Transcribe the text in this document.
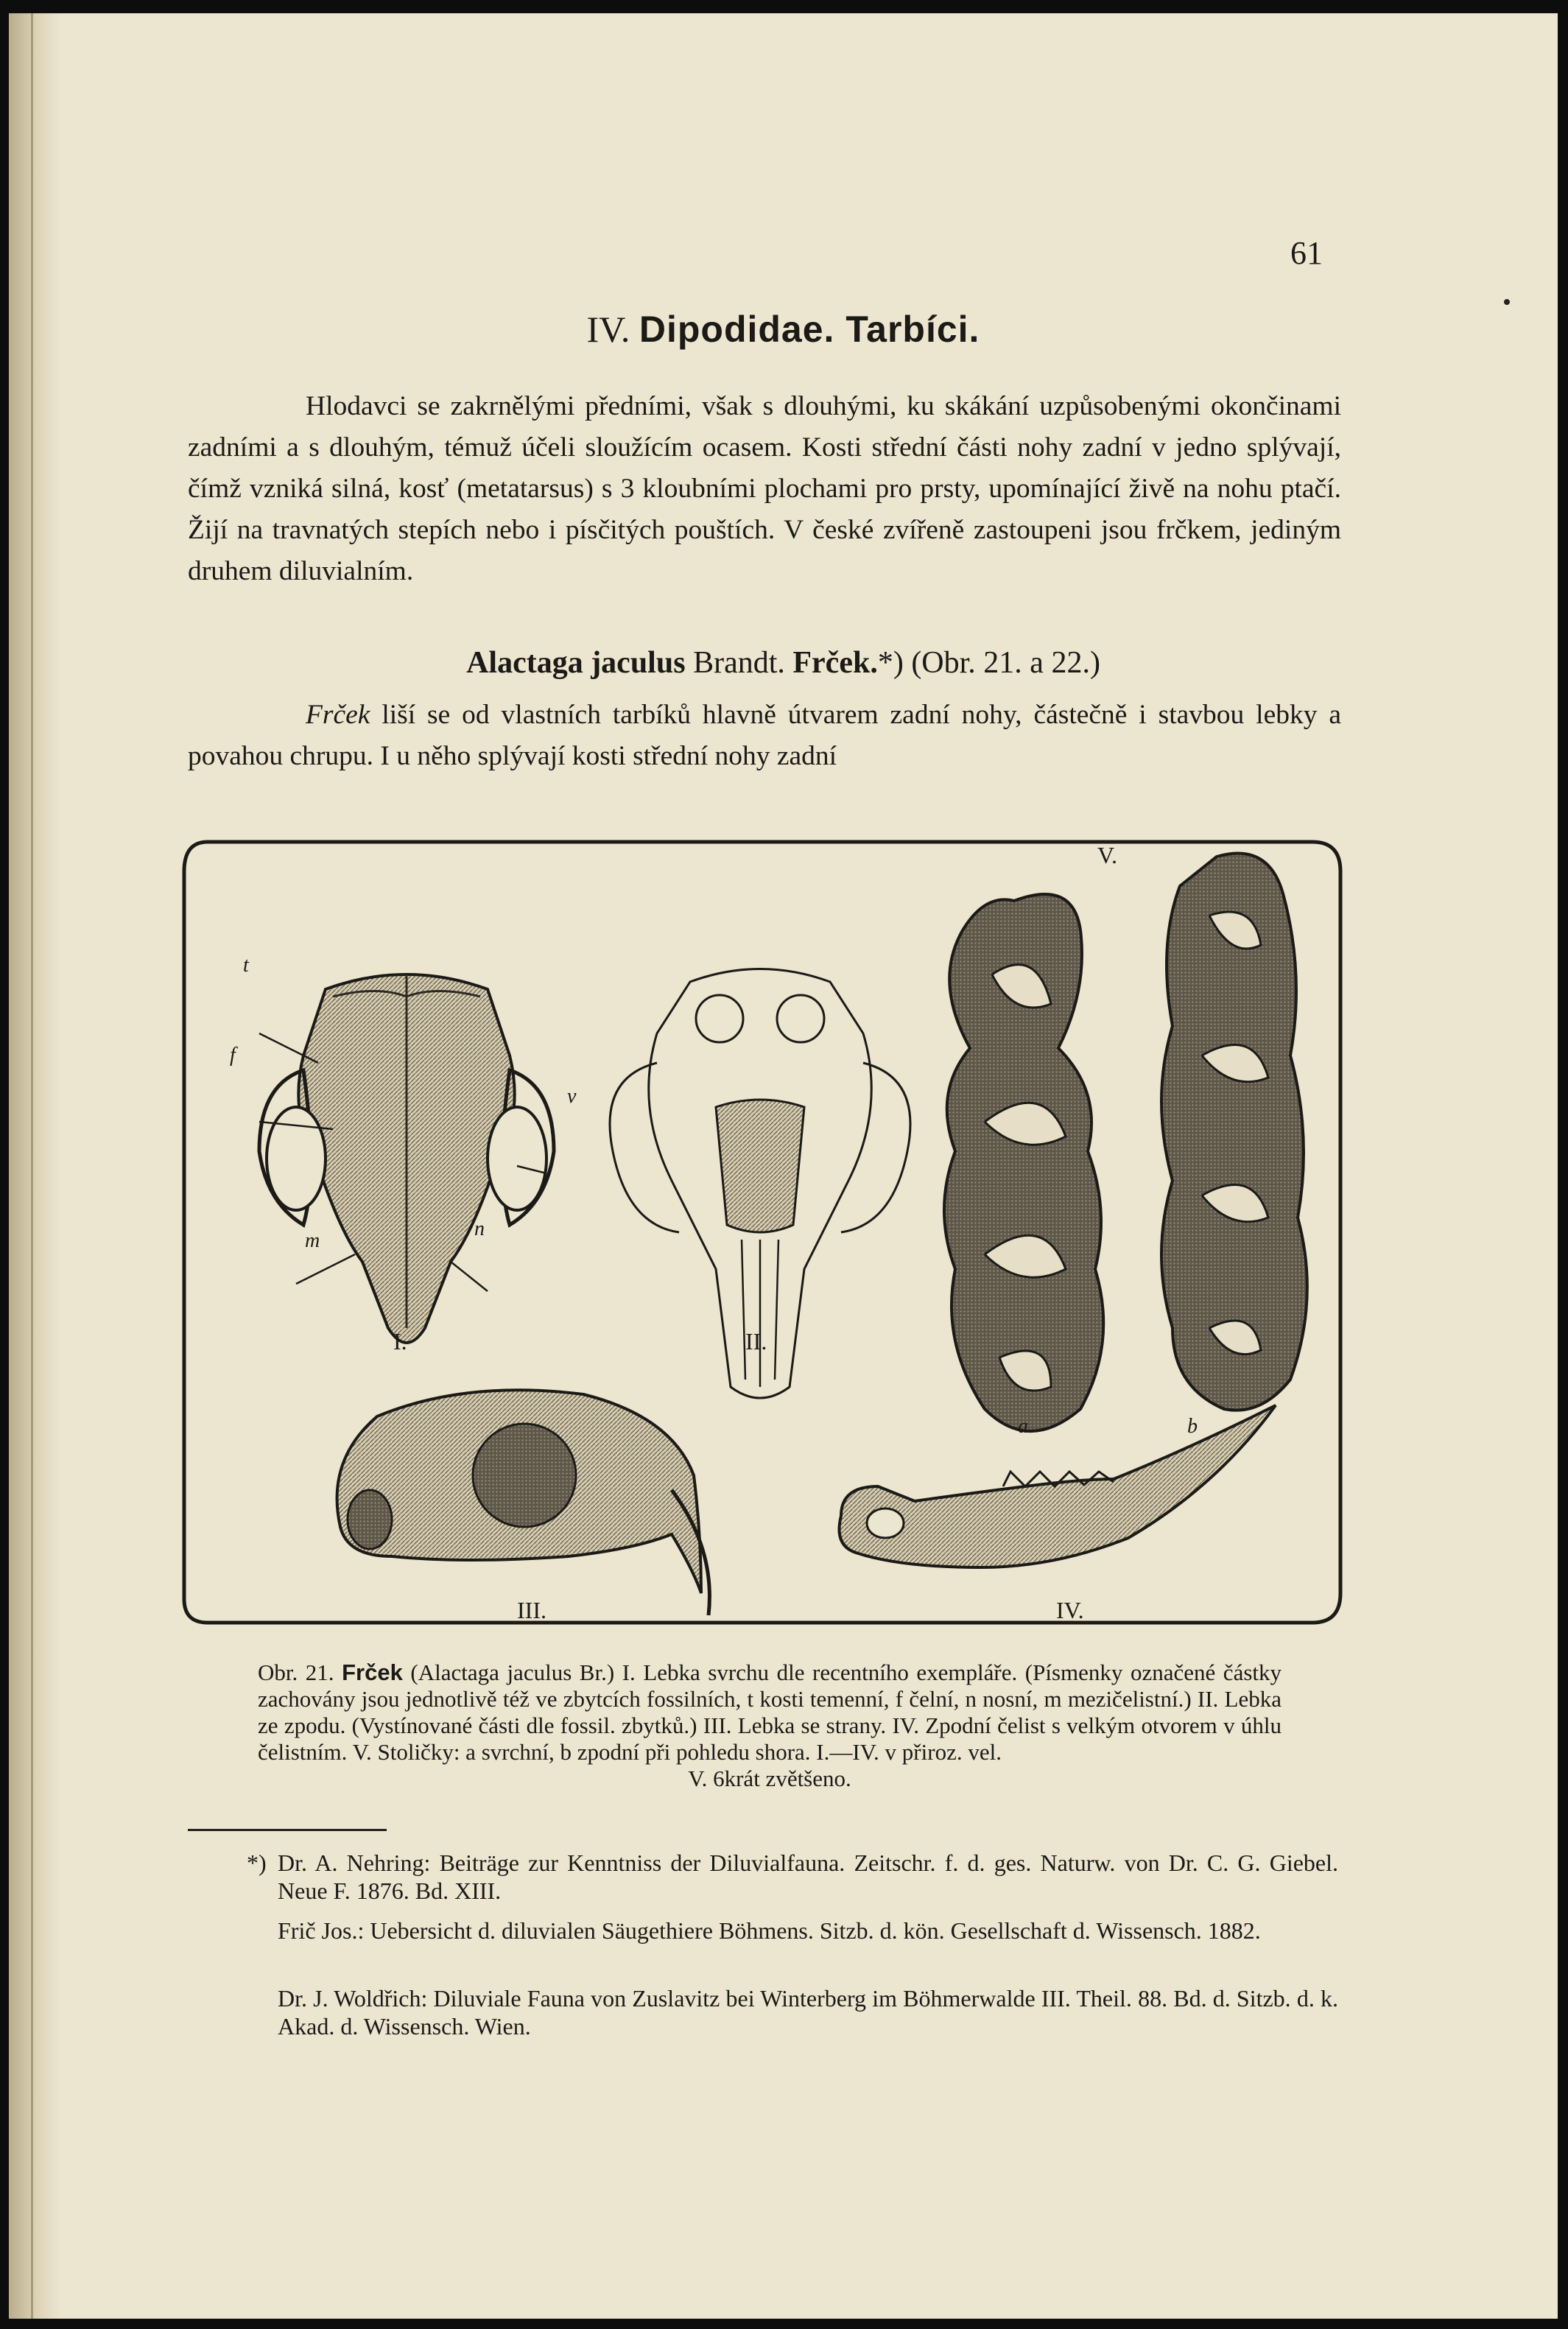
61
IV. Dipodidae. Tarbíci.

Hlodavci se zakrnělými předními, však s dlouhými, ku skákání uzpůsobenými okončinami zadními a s dlouhým, témuž účeli sloužícím ocasem. Kosti střední části nohy zadní v jedno splývají, čímž vzniká silná, kosť (metatarsus) s 3 kloubními plochami pro prsty, upomínající živě na nohu ptačí. Žijí na travnatých stepích nebo i písčitých pouštích. V české zvířeně zastoupeni jsou frčkem, jediným druhem diluvialním.

Alactaga jaculus Brandt. Frček.*) (Obr. 21. a 22.)

Frček liší se od vlastních tarbíků hlavně útvarem zadní nohy, částečně i stavbou lebky a povahou chrupu. I u něho splývají kosti střední nohy zadní

I.	II.
III.	IV.
V.
t
f
v
m
n
a	b

Obr. 21. Frček (Alactaga jaculus Br.) I. Lebka svrchu dle recentního exempláře. (Písmenky označené částky zachovány jsou jednotlivě též ve zbytcích fossilních, t kosti temenní, f čelní, n nosní, m mezičelistní.) II. Lebka ze zpodu. (Vystínované části dle fossil. zbytků.) III. Lebka se strany. IV. Zpodní čelist s velkým otvorem v úhlu čelistním. V. Stoličky: a svrchní, b zpodní při pohledu shora. I.—IV. v přiroz. vel.
V. 6krát zvětšeno.

*) Dr. A. Nehring: Beiträge zur Kenntniss der Diluvialfauna. Zeitschr. f. d. ges. Naturw. von Dr. C. G. Giebel. Neue F. 1876. Bd. XIII.

Frič Jos.: Uebersicht d. diluvialen Säugethiere Böhmens. Sitzb. d. kön. Gesellschaft d. Wissensch. 1882.

Dr. J. Woldřich: Diluviale Fauna von Zuslavitz bei Winterberg im Böhmerwalde III. Theil. 88. Bd. d. Sitzb. d. k. Akad. d. Wissensch. Wien.
